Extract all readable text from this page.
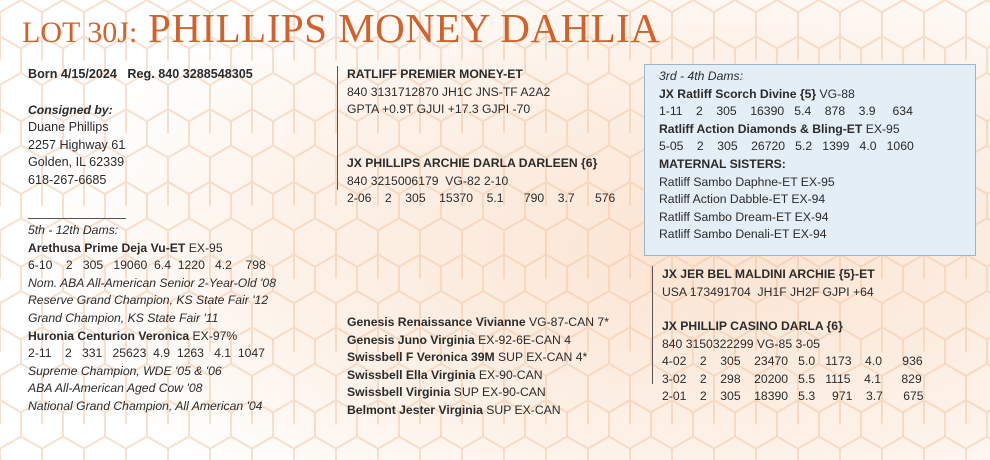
LOT 30J: PHILLIPS MONEY DAHLIA
Born 4/15/2024 Reg. 840 3288548305
Consigned by:
Duane Phillips
2257 Highway 61
Golden, IL 62339
618-267-6685
5th - 12th Dams:
Arethusa Prime Deja Vu-ET EX-95
6-10    2   305   19060  6.4  1220   4.2    798
Nom. ABA All-American Senior 2-Year-Old '08
Reserve Grand Champion, KS State Fair '12
Grand Champion, KS State Fair '11
Huronia Centurion Veronica EX-97%
2-11    2   331   25623  4.9  1263   4.1  1047
Supreme Champion, WDE '05 & '06
ABA All-American Aged Cow '08
National Grand Champion, All American '04
RATLIFF PREMIER MONEY-ET
840 3131712870 JH1C JNS-TF A2A2
GPTA +0.9T GJUI +17.3 GJPI -70
JX PHILLIPS ARCHIE DARLA DARLEEN {6}
840 3215006179  VG-82 2-10
2-06    2    305    15370    5.1      790    3.7      576
Genesis Renaissance Vivianne VG-87-CAN 7*
Genesis Juno Virginia EX-92-6E-CAN 4
Swissbell F Veronica 39M SUP EX-CAN 4*
Swissbell Ella Virginia EX-90-CAN
Swissbell Virginia SUP EX-90-CAN
Belmont Jester Virginia SUP EX-CAN
3rd - 4th Dams:
JX Ratliff Scorch Divine {5} VG-88
1-11    2    305    16390   5.4    878    3.9     634
Ratliff Action Diamonds & Bling-ET EX-95
5-05    2    305    26720   5.2   1399   4.0   1060
MATERNAL SISTERS:
Ratliff Sambo Daphne-ET EX-95
Ratliff Action Dabble-ET EX-94
Ratliff Sambo Dream-ET EX-94
Ratliff Sambo Denali-ET EX-94
JX JER BEL MALDINI ARCHIE {5}-ET
USA 173491704  JH1F JH2F GJPI +64
JX PHILLIP CASINO DARLA {6}
840 3150322299 VG-85 3-05
4-02    2    305    23470   5.0   1173    4.0      936
3-02    2    298    20200   5.5   1115    4.1      829
2-01    2    305    18390   5.3     971    3.7      675
